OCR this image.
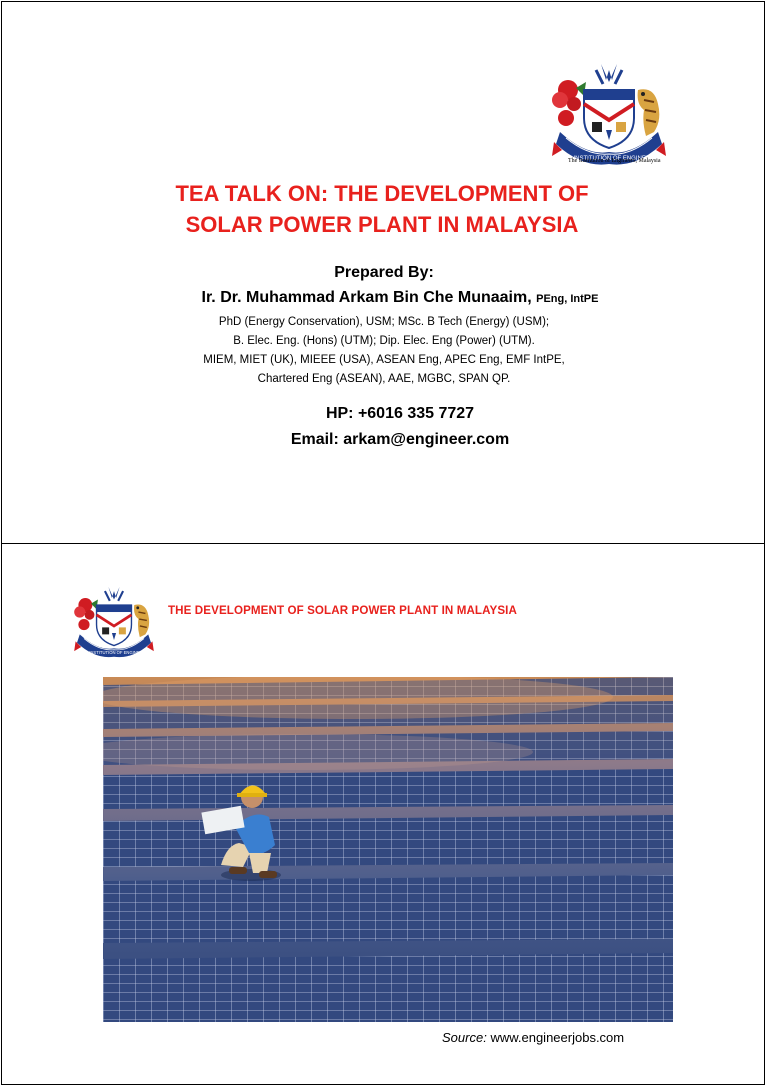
The Institution of Engineers, Malaysia
TEA TALK ON: THE DEVELOPMENT OF
SOLAR POWER PLANT IN MALAYSIA
Prepared By:
Ir. Dr. Muhammad Arkam Bin Che Munaaim, PEng, IntPE
PhD (Energy Conservation), USM; MSc. B Tech (Energy) (USM);
B. Elec. Eng. (Hons) (UTM); Dip. Elec. Eng (Power) (UTM).
MIEM, MIET (UK), MIEEE (USA), ASEAN Eng, APEC Eng, EMF IntPE,
Chartered Eng (ASEAN), AAE, MGBC, SPAN QP.
HP: +6016 335 7727
Email: arkam@engineer.com
THE DEVELOPMENT OF SOLAR POWER PLANT IN MALAYSIA
Source: www.engineerjobs.com
